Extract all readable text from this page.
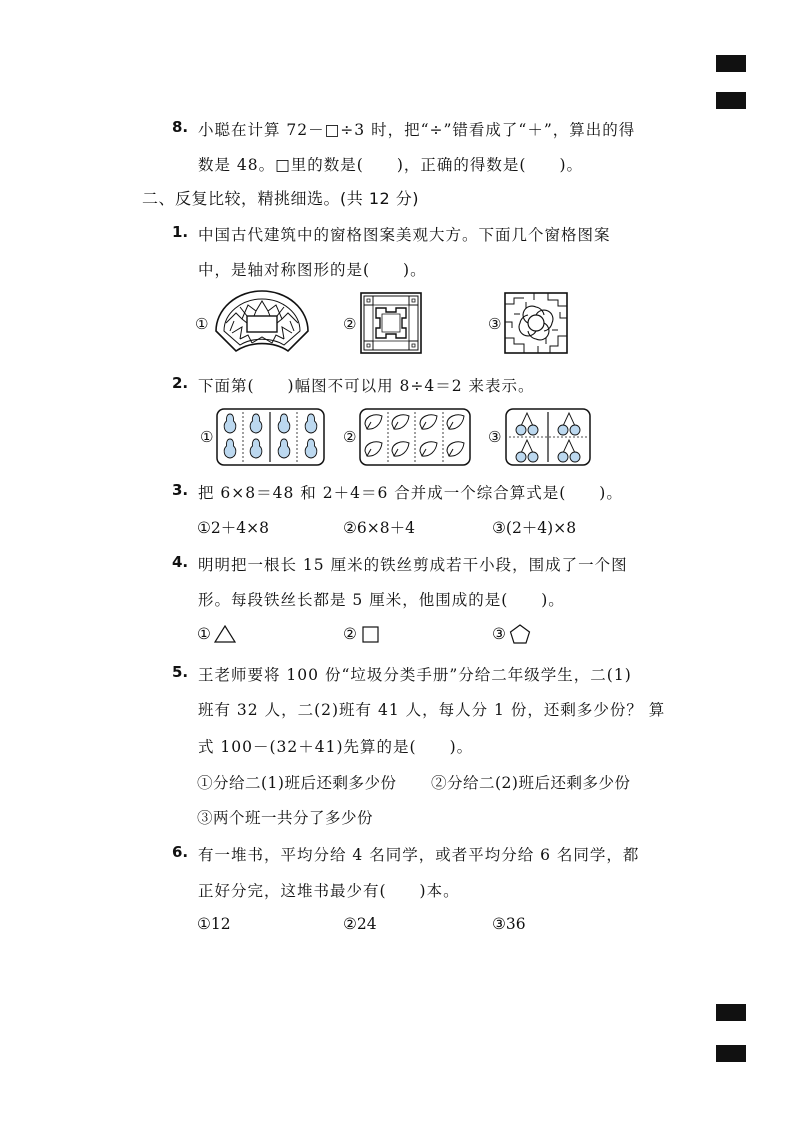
8. 小聪在计算 72－□÷3 时，把“÷”错看成了“＋”，算出的得
数是 48。□里的数是(　　)，正确的得数是(　　)。
二、反复比较，精挑细选。(共 12 分)
1. 中国古代建筑中的窗格图案美观大方。下面几个窗格图案
中，是轴对称图形的是(　　)。
①	②	③
2. 下面第(　　)幅图不可以用 8÷4＝2 来表示。
①	②	③
3. 把 6×8＝48 和 2＋4＝6 合并成一个综合算式是(　　)。
①2＋4×8	②6×8＋4	③(2＋4)×8
4. 明明把一根长 15 厘米的铁丝剪成若干小段，围成了一个图
形。每段铁丝长都是 5 厘米，他围成的是(　　)。
①	②	③
5. 王老师要将 100 份“垃圾分类手册”分给二年级学生，二(1)
班有 32 人，二(2)班有 41 人，每人分 1 份，还剩多少份？ 算
式 100－(32＋41)先算的是(　　)。
①分给二(1)班后还剩多少份 ②分给二(2)班后还剩多少份
③两个班一共分了多少份
6. 有一堆书，平均分给 4 名同学，或者平均分给 6 名同学，都
正好分完，这堆书最少有(　　)本。
①12	②24	③36
